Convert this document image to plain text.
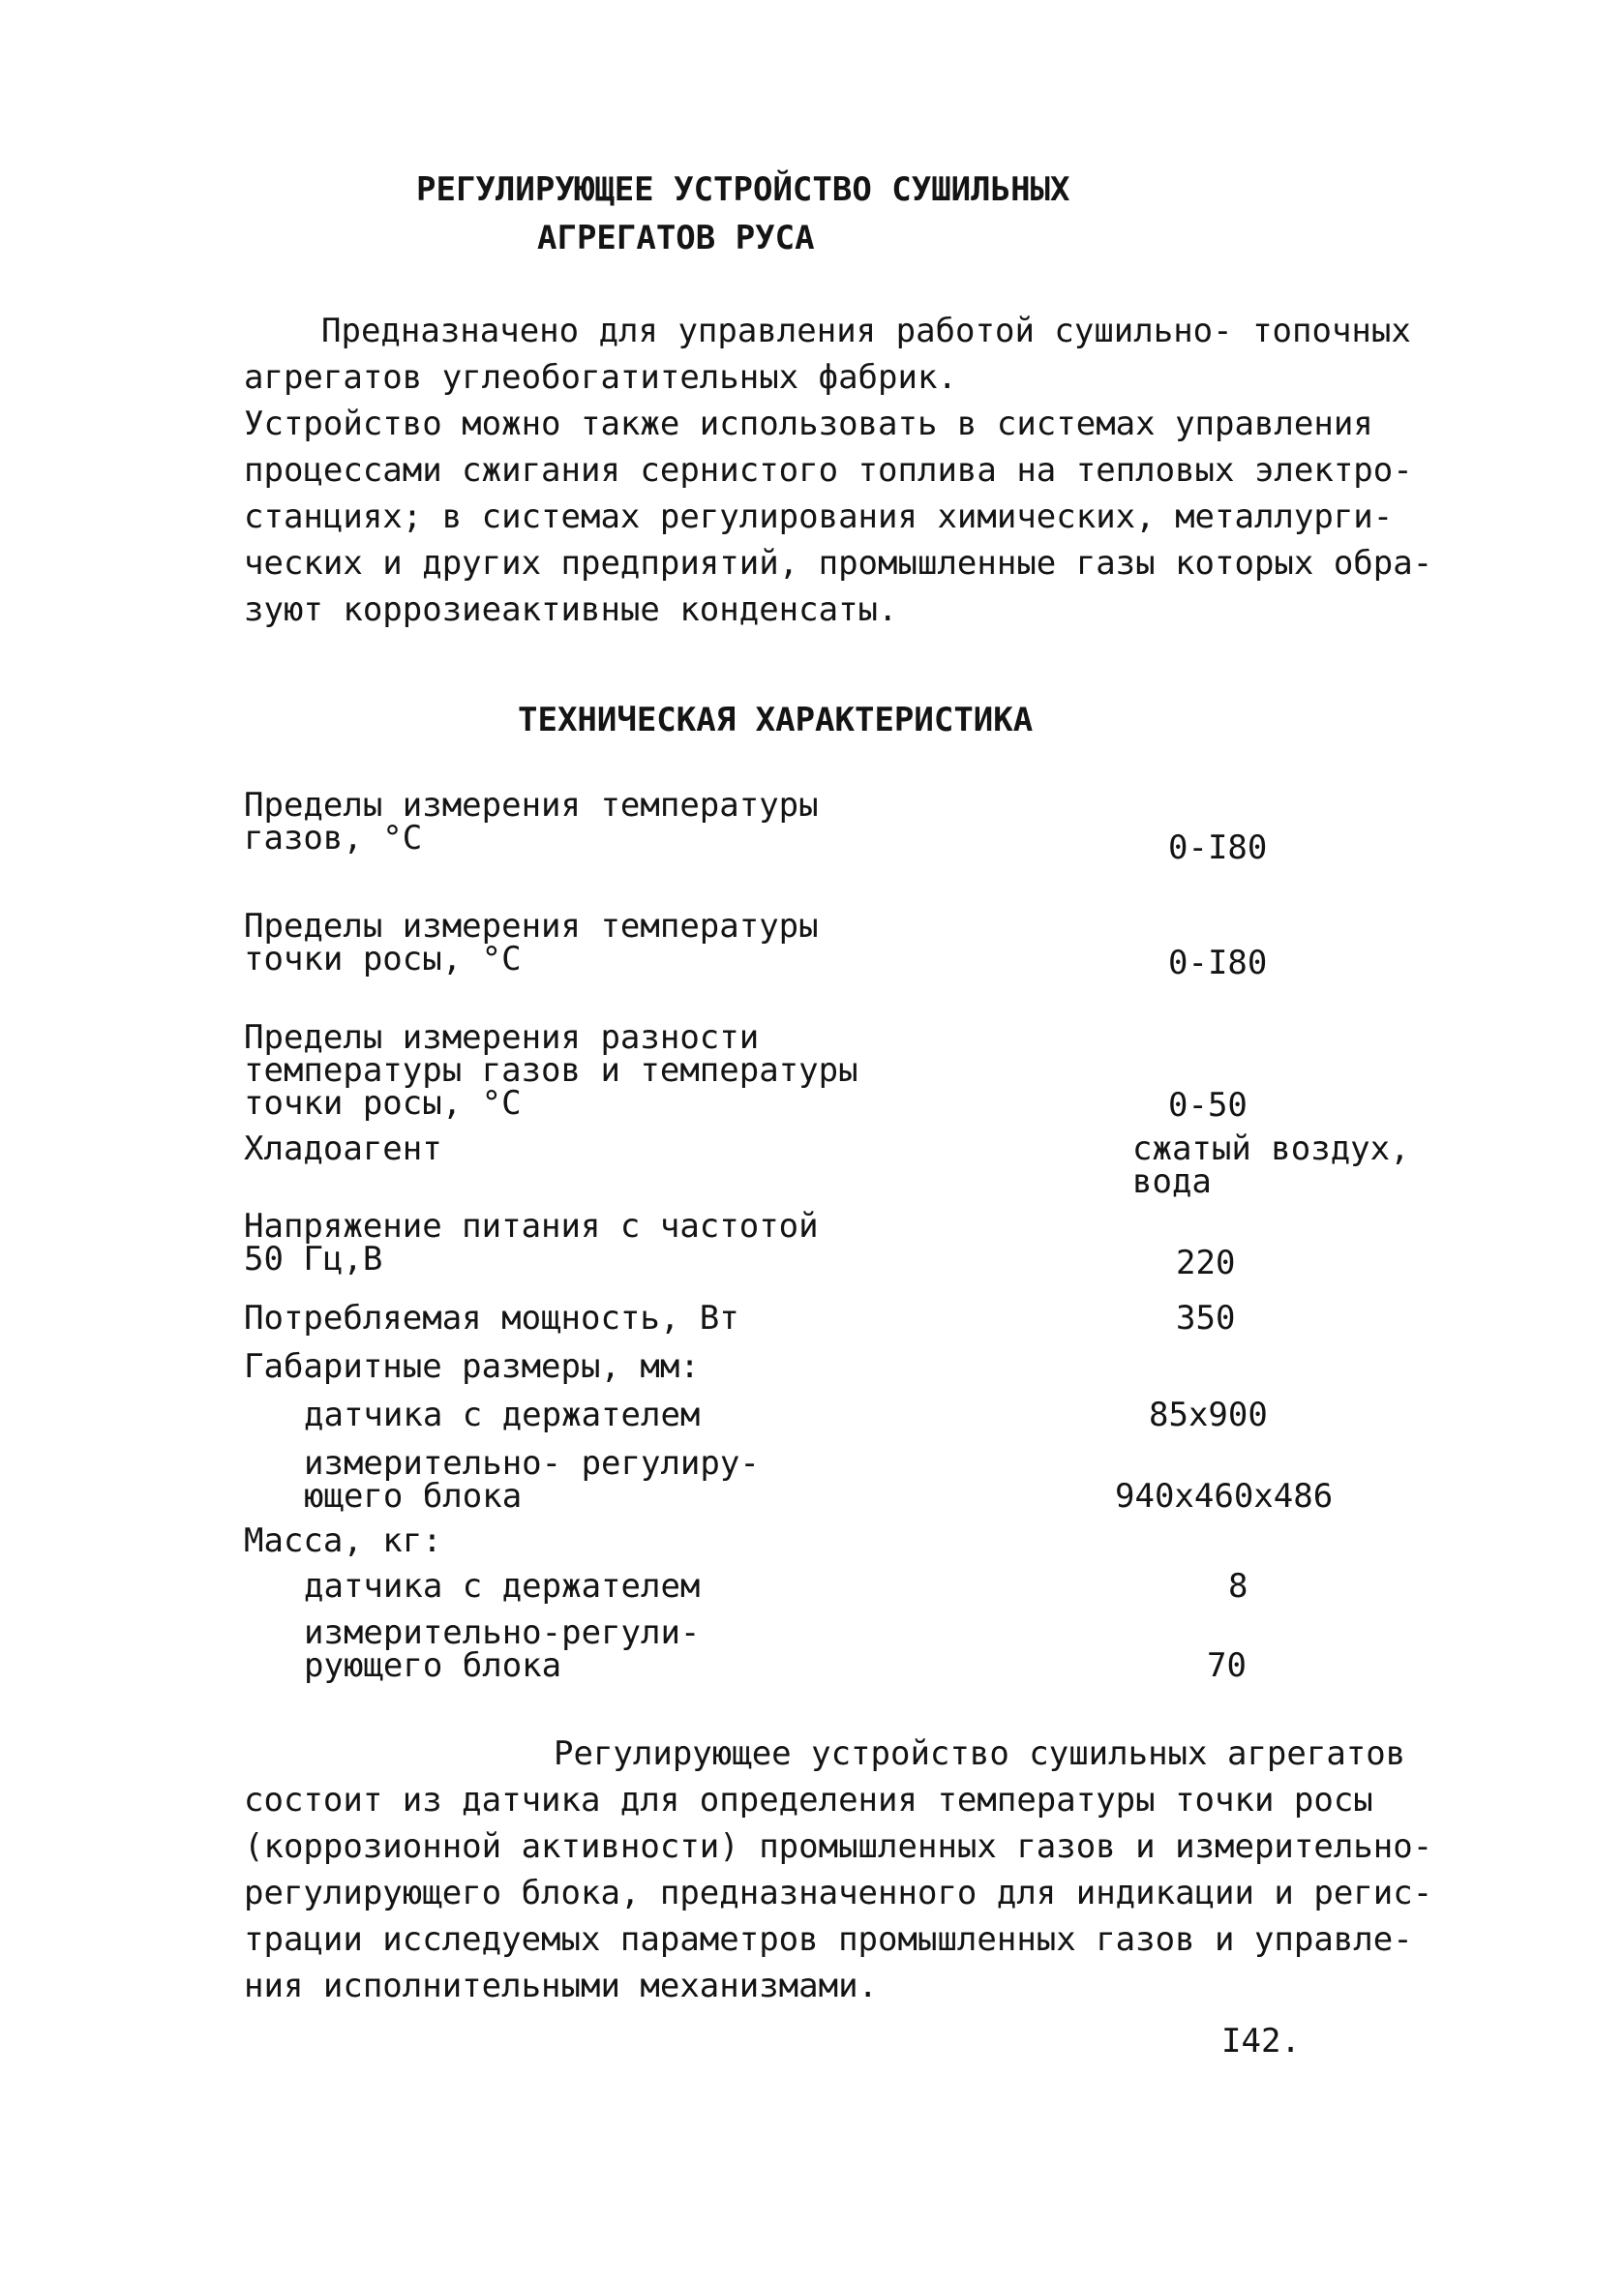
РЕГУЛИРУЮЩЕЕ УСТРОЙСТВО СУШИЛЬНЫХ
АГРЕГАТОВ РУСА

Предназначено для управления работой сушильно- топочных

агрегатов углеобогатительных фабрик.

Устройство можно также использовать в системах управления

процессами сжигания сернистого топлива на тепловых электро-

станциях; в системах регулирования химических, металлурги-

ческих и других предприятий, промышленные газы которых обра-

зуют коррозиеактивные конденсаты.

ТЕХНИЧЕСКАЯ ХАРАКТЕРИСТИКА
Пределы измерения температуры
газов, °С	0-I80
Пределы измерения температуры
точки росы, °С	0-I80
Пределы измерения разности
температуры газов и температуры
точки росы, °С	0-50
Хладоагент	сжатый воздух,
вода
Напряжение питания с частотой
50 Гц,В	220
Потребляемая мощность, Вт	350
Габаритные размеры, мм:
датчика с держателем	85x900
измерительно- регулиру-
ющего блока	940x460x486
Масса, кг:
датчика с держателем	8
измерительно-регули-
рующего блока	70

Регулирующее устройство сушильных агрегатов

состоит из датчика для определения температуры точки росы

(коррозионной активности) промышленных газов и измерительно-

регулирующего блока, предназначенного для индикации и регис-

трации исследуемых параметров промышленных газов и управле-

ния исполнительными механизмами.

I42.
